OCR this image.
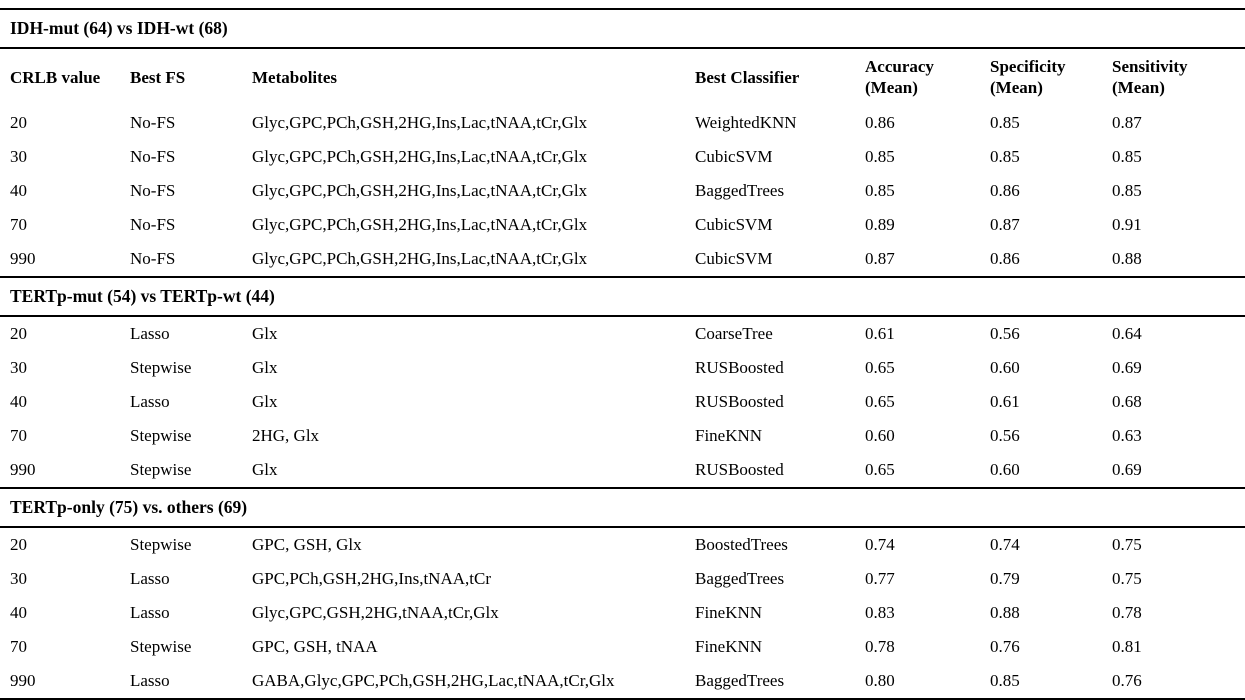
IDH-mut (64) vs IDH-wt (68)						
CRLB value	Best FS	Metabolites	Best Classifier	Accuracy (Mean)	Specificity (Mean)	Sensitivity (Mean)
20	No-FS	Glyc,GPC,PCh,GSH,2HG,Ins,Lac,tNAA,tCr,Glx	WeightedKNN	0.86	0.85	0.87
30	No-FS	Glyc,GPC,PCh,GSH,2HG,Ins,Lac,tNAA,tCr,Glx	CubicSVM	0.85	0.85	0.85
40	No-FS	Glyc,GPC,PCh,GSH,2HG,Ins,Lac,tNAA,tCr,Glx	BaggedTrees	0.85	0.86	0.85
70	No-FS	Glyc,GPC,PCh,GSH,2HG,Ins,Lac,tNAA,tCr,Glx	CubicSVM	0.89	0.87	0.91
990	No-FS	Glyc,GPC,PCh,GSH,2HG,Ins,Lac,tNAA,tCr,Glx	CubicSVM	0.87	0.86	0.88
TERTp-mut (54) vs TERTp-wt (44)						
20	Lasso	Glx	CoarseTree	0.61	0.56	0.64
30	Stepwise	Glx	RUSBoosted	0.65	0.60	0.69
40	Lasso	Glx	RUSBoosted	0.65	0.61	0.68
70	Stepwise	2HG, Glx	FineKNN	0.60	0.56	0.63
990	Stepwise	Glx	RUSBoosted	0.65	0.60	0.69
TERTp-only (75) vs. others (69)						
20	Stepwise	GPC, GSH, Glx	BoostedTrees	0.74	0.74	0.75
30	Lasso	GPC,PCh,GSH,2HG,Ins,tNAA,tCr	BaggedTrees	0.77	0.79	0.75
40	Lasso	Glyc,GPC,GSH,2HG,tNAA,tCr,Glx	FineKNN	0.83	0.88	0.78
70	Stepwise	GPC, GSH, tNAA	FineKNN	0.78	0.76	0.81
990	Lasso	GABA,Glyc,GPC,PCh,GSH,2HG,Lac,tNAA,tCr,Glx	BaggedTrees	0.80	0.85	0.76
